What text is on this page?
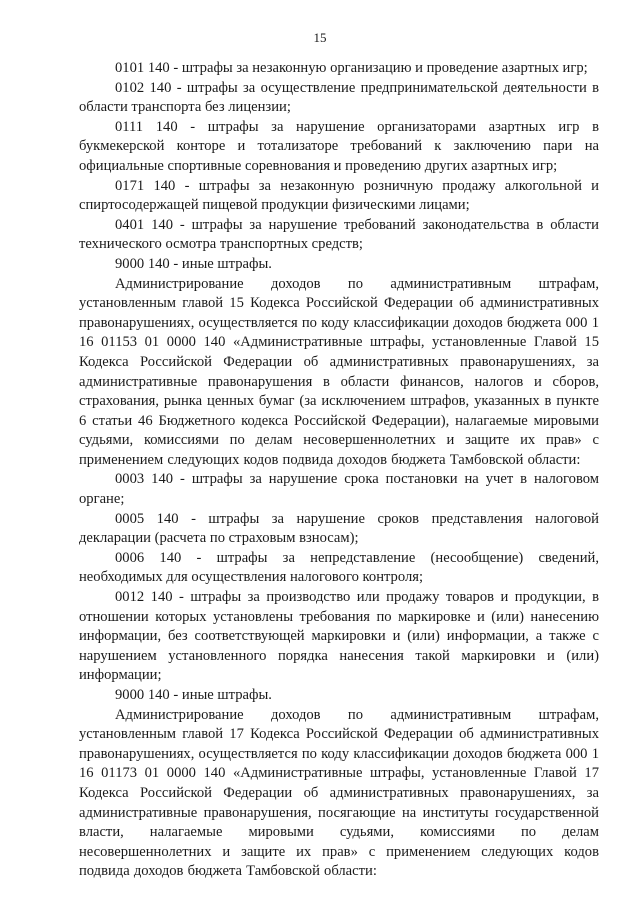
15

0101 140 - штрафы за незаконную организацию и проведение азартных игр;

0102 140 - штрафы за осуществление предпринимательской деятельности в области транспорта без лицензии;

0111 140 - штрафы за нарушение организаторами азартных игр в букмекерской конторе и тотализаторе требований к заключению пари на официальные спортивные соревнования и проведению других азартных игр;

0171 140 - штрафы за незаконную розничную продажу алкогольной и спиртосодержащей пищевой продукции физическими лицами;

0401 140 - штрафы за нарушение требований законодательства в области технического осмотра транспортных средств;

9000 140 - иные штрафы.

Администрирование доходов по административным штрафам, установленным главой 15 Кодекса Российской Федерации об административных правонарушениях, осуществляется по коду классификации доходов бюджета 000 1 16 01153 01 0000 140 «Административные штрафы, установленные Главой 15 Кодекса Российской Федерации об административных правонарушениях, за административные правонарушения в области финансов, налогов и сборов, страхования, рынка ценных бумаг (за исключением штрафов, указанных в пункте 6 статьи 46 Бюджетного кодекса Российской Федерации), налагаемые мировыми судьями, комиссиями по делам несовершеннолетних и защите их прав» с применением следующих кодов подвида доходов бюджета Тамбовской области:

0003 140 - штрафы за нарушение срока постановки на учет в налоговом органе;

0005 140 - штрафы за нарушение сроков представления налоговой декларации (расчета по страховым взносам);

0006 140 - штрафы за непредставление (несообщение) сведений, необходимых для осуществления налогового контроля;

0012 140 - штрафы за производство или продажу товаров и продукции, в отношении которых установлены требования по маркировке и (или) нанесению информации, без соответствующей маркировки и (или) информации, а также с нарушением установленного порядка нанесения такой маркировки и (или) информации;

9000 140 - иные штрафы.

Администрирование доходов по административным штрафам, установленным главой 17 Кодекса Российской Федерации об административных правонарушениях, осуществляется по коду классификации доходов бюджета 000 1 16 01173 01 0000 140 «Административные штрафы, установленные Главой 17 Кодекса Российской Федерации об административных правонарушениях, за административные правонарушения, посягающие на институты государственной власти, налагаемые мировыми судьями, комиссиями по делам несовершеннолетних и защите их прав» с применением следующих кодов подвида доходов бюджета Тамбовской области:
